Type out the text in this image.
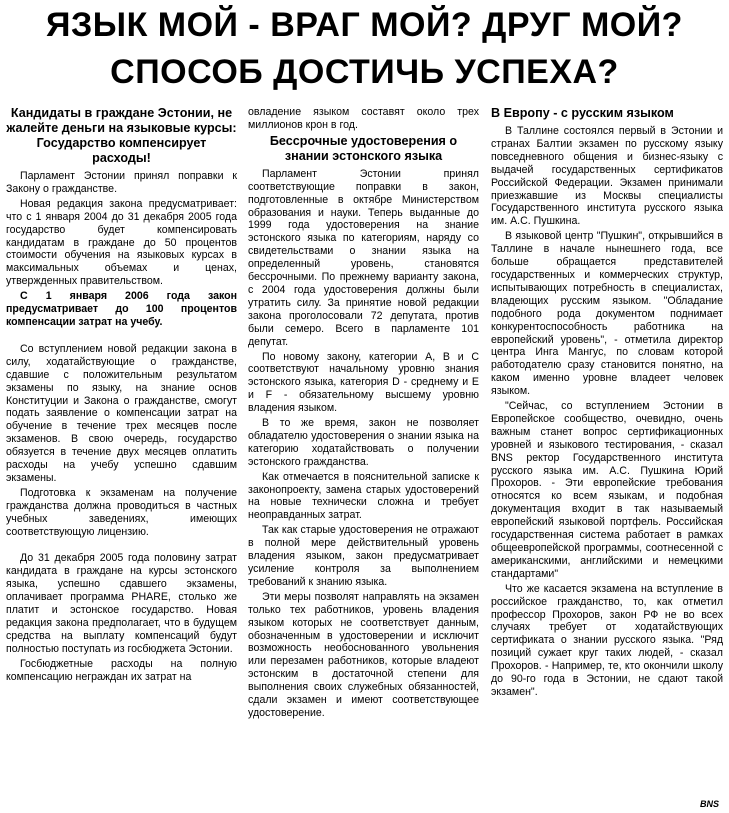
ЯЗЫК МОЙ - ВРАГ МОЙ? ДРУГ МОЙ?
СПОСОБ ДОСТИЧЬ УСПЕХА?
Кандидаты в граждане Эстонии, не жалейте деньги на языковые курсы: Государство компенсирует расходы!

Парламент Эстонии принял поправки к Закону о гражданстве.

Новая редакция закона предусматривает: что с 1 января 2004 до 31 декабря 2005 года государство будет компенсировать кандидатам в граждане до 50 процентов стоимости обучения на языковых курсах в максимальных объемах и ценах, утвержденных правительством.

С 1 января 2006 года закон предусматривает до 100 процентов компенсации затрат на учебу.

Со вступлением новой редакции закона в силу, ходатайствующие о гражданстве, сдавшие с положительным результатом экзамены по языку, на знание основ Конституции и Закона о гражданстве, смогут подать заявление о компенсации затрат на обучение в течение трех месяцев после экзаменов. В свою очередь, государство обязуется в течение двух месяцев оплатить расходы на учебу успешно сдавшим экзамены.

Подготовка к экзаменам на получение гражданства должна проводиться в частных учебных заведениях, имеющих соответствующую лицензию.

До 31 декабря 2005 года половину затрат кандидата в граждане на курсы эстонского языка, успешно сдавшего экзамены, оплачивает программа PHARE, столько же платит и эстонское государство. Новая редакция закона предполагает, что в будущем средства на выплату компенсаций будут полностью поступать из госбюджета Эстонии.

Госбюджетные расходы на полную компенсацию неграждан их затрат на

овладение языком составят около трех миллионов крон в год.

Бессрочные удостоверения о знании эстонского языка

Парламент Эстонии принял соответствующие поправки в закон, подготовленные в октябре Министерством образования и науки. Теперь выданные до 1999 года удостоверения на знание эстонского языка по категориям, наряду со свидетельствами о знании языка на определенный уровень, становятся бессрочными. По прежнему варианту закона, с 2004 года удостоверения должны были утратить силу. За принятие новой редакции закона проголосовали 72 депутата, против были семеро. Всего в парламенте 101 депутат.

По новому закону, категории А, В и С соответствуют начальному уровню знания эстонского языка, категория D - среднему и Е и F - обязательному высшему уровню владения языком.

В то же время, закон не позволяет обладателю удостоверения о знании языка на категорию ходатайствовать о получении эстонского гражданства.

Как отмечается в пояснительной записке к законопроекту, замена старых удостоверений на новые технически сложна и требует неоправданных затрат.

Так как старые удостоверения не отражают в полной мере действительный уровень владения языком, закон предусматривает усиление контроля за выполнением требований к знанию языка.

Эти меры позволят направлять на экзамен только тех работников, уровень владения языком которых не соответствует данным, обозначенным в удостоверении и исключит возможность необоснованного увольнения или перезамен работников, которые владеют эстонским в достаточной степени для выполнения своих служебных обязанностей, сдали экзамен и имеют соответствующее удостоверение.

В Европу - с русским языком

В Таллине состоялся первый в Эстонии и странах Балтии экзамен по русскому языку повседневного общения и бизнес-языку с выдачей государственных сертификатов Российской Федерации. Экзамен принимали приезжавшие из Москвы специалисты Государственного института русского языка им. А.С. Пушкина.

В языковой центр "Пушкин", открывшийся в Таллине в начале нынешнего года, все больше обращается представителей государственных и коммерческих структур, испытывающих потребность в специалистах, владеющих русским языком. "Обладание подобного рода документом поднимает конкурентоспособность работника на европейский уровень", - отметила директор центра Инга Мангус, по словам которой работодателю сразу становится понятно, на каком именно уровне владеет человек языком.

"Сейчас, со вступлением Эстонии в Европейское сообщество, очевидно, очень важным станет вопрос сертификационных уровней и языкового тестирования, - сказал BNS ректор Государственного института русского языка им. А.С. Пушкина Юрий Прохоров. - Эти европейские требования относятся ко всем языкам, и подобная документация входит в так называемый европейский языковой портфель. Российская государственная система работает в рамках общеевропейской программы, соотнесенной с американскими, английскими и немецкими стандартами"

Что же касается экзамена на вступление в российское гражданство, то, как отметил профессор Прохоров, закон РФ не во всех случаях требует от ходатайствующих сертификата о знании русского языка. "Ряд позиций сужает круг таких людей, - сказал Прохоров. - Например, те, кто окончили школу до 90-го года в Эстонии, не сдают такой экзамен".

BNS
